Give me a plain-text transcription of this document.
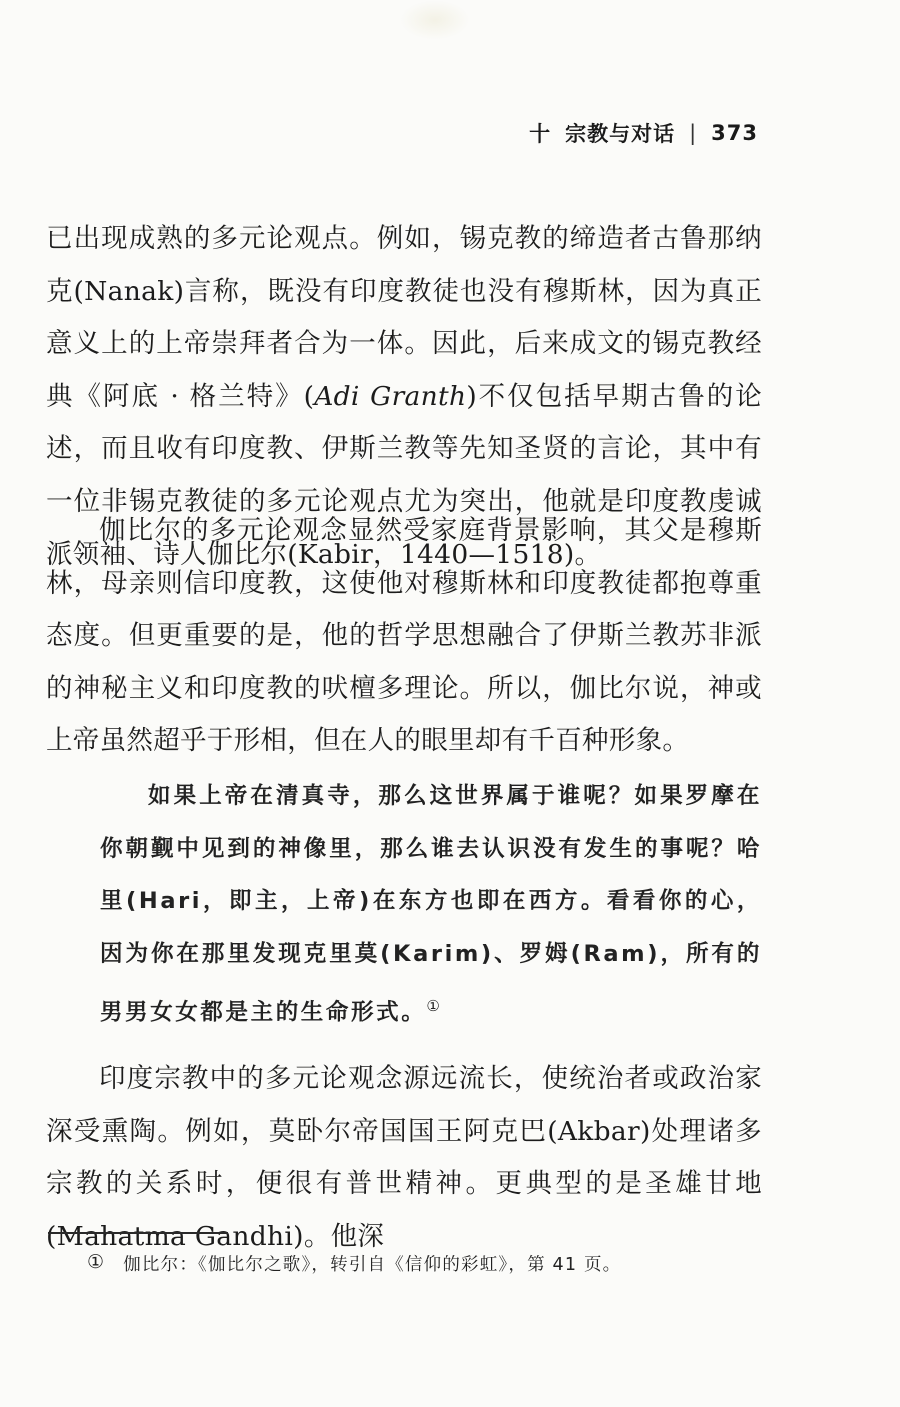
十 宗教与对话 | 373

已出现成熟的多元论观点。例如，锡克教的缔造者古鲁那纳克(Nanak)言称，既没有印度教徒也没有穆斯林，因为真正意义上的上帝崇拜者合为一体。因此，后来成文的锡克教经典《阿底 · 格兰特》(Adi Granth)不仅包括早期古鲁的论述，而且收有印度教、伊斯兰教等先知圣贤的言论，其中有一位非锡克教徒的多元论观点尤为突出，他就是印度教虔诚派领袖、诗人伽比尔(Kabir，1440—1518)。

伽比尔的多元论观念显然受家庭背景影响，其父是穆斯林，母亲则信印度教，这使他对穆斯林和印度教徒都抱尊重态度。但更重要的是，他的哲学思想融合了伊斯兰教苏非派的神秘主义和印度教的吠檀多理论。所以，伽比尔说，神或上帝虽然超乎于形相，但在人的眼里却有千百种形象。

如果上帝在清真寺，那么这世界属于谁呢？如果罗摩在你朝觐中见到的神像里，那么谁去认识没有发生的事呢？哈里(Hari，即主，上帝)在东方也即在西方。看看你的心，因为你在那里发现克里莫(Karim)、罗姆(Ram)，所有的男男女女都是主的生命形式。①

印度宗教中的多元论观念源远流长，使统治者或政治家深受熏陶。例如，莫卧尔帝国国王阿克巴(Akbar)处理诸多宗教的关系时，便很有普世精神。更典型的是圣雄甘地(Mahatma Gandhi)。他深

① 伽比尔：《伽比尔之歌》，转引自《信仰的彩虹》，第 41 页。
